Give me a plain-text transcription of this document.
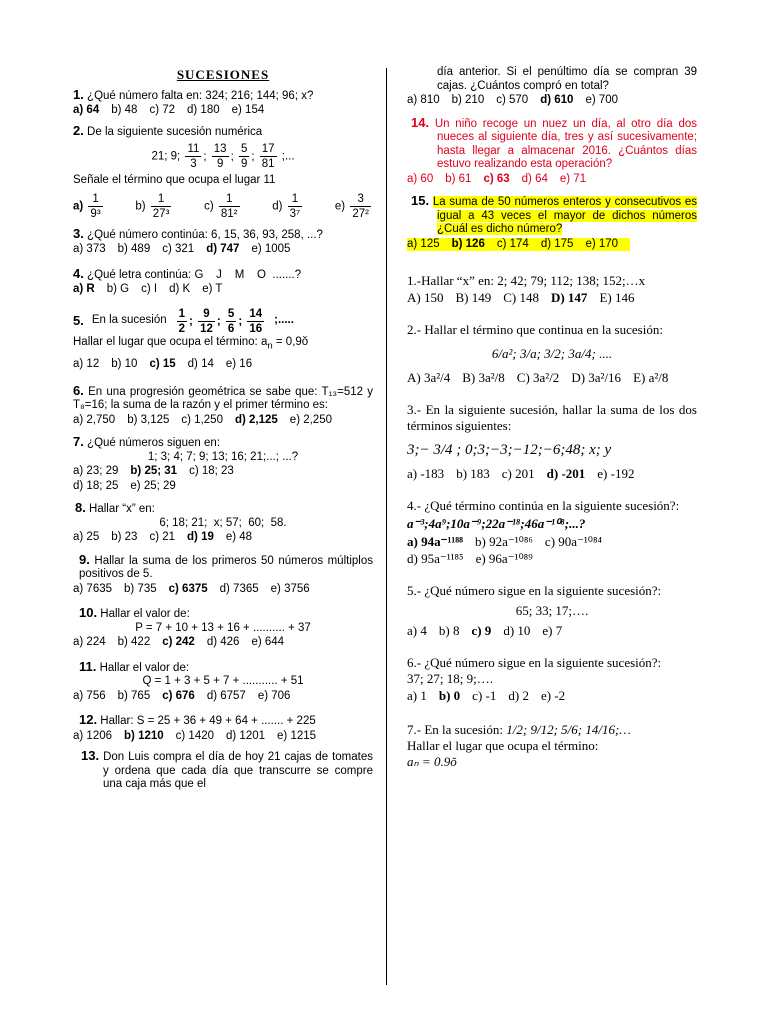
SUCESIONES
1. ¿Qué número falta en: 324; 216; 144; 96; x?
a) 64 b) 48 c) 72 d) 180 e) 154
2. De la siguiente sucesión numérica
21; 9; $\frac{11}{3}$ ; $\frac{13}{9}$ ; $\frac{5}{9}$ ; $\frac{17}{81}$ ;...
Señale el término que ocupa el lugar 11
$a) \frac{1}{\text{9³}}$	$b) \frac{1}{\text{27³}}$	$c) \frac{1}{\text{81²}}$	$d) \frac{1}{\text{3⁷}}$	$e) \frac{3}{\text{27²}}$
3. ¿Qué número continúa: 6, 15, 36, 93, 258, ...?
a) 373 b) 489 c) 321 d) 747 e) 1005
4. ¿Qué letra continúa: G    J    M    O  .......?
a) R b) G c) I d) K e) T
5. En la sucesión $\frac{1}{2}$ ; $\frac{9}{12}$ ; $\frac{5}{6}$ ; $\frac{14}{16}$ ;.....
Hallar el lugar que ocupa el término: $a_n$ = 0,9ŏ
a) 12 b) 10 c) 15 d) 14 e) 16
6. En una progresión geométrica se sabe que: T₁₃=512 y T₈=16; la suma de la razón y el primer término es:
a) 2,750 b) 3,125 c) 1,250 d) 2,125 e) 2,250
7. ¿Qué números siguen en:
1; 3; 4; 7; 9; 13; 16; 21;...; ...?
a) 23; 29 b) 25; 31 c) 18; 23
d) 18; 25 e) 25; 29
8. Hallar “x” en:
6; 18; 21;  x; 57;  60;  58.
a) 25 b) 23 c) 21 d) 19 e) 48
9. Hallar la suma de los primeros 50 números múltiplos positivos de 5.
a) 7635 b) 735 c) 6375 d) 7365 e) 3756
10. Hallar el valor de:
P = 7 + 10 + 13 + 16 + .......... + 37
a) 224 b) 422 c) 242 d) 426 e) 644
11. Hallar el valor de:
Q = 1 + 3 + 5 + 7 + ........... + 51
a) 756 b) 765 c) 676 d) 6757 e) 706
12. Hallar: S = 25 + 36 + 49 + 64 + ....... + 225
a) 1206 b) 1210 c) 1420 d) 1201 e) 1215
13. Don Luis compra el día de hoy 21 cajas de tomates y ordena que cada día que transcurre se compre una caja más que el
día anterior. Si el penúltimo día se compran 39 cajas. ¿Cuántos compró en total?
a) 810 b) 210 c) 570 d) 610 e) 700
14. Un niño recoge un nuez un día, al otro día dos nueces al siguiente día, tres y así sucesivamente; hasta llegar a almacenar 2016. ¿Cuántos días estuvo realizando esta operación?
a) 60 b) 61 c) 63 d) 64 e) 71
15. La suma de 50 números enteros y consecutivos es igual a 43 veces el mayor de dichos números ¿Cuál es dicho número?
a) 125 b) 126 c) 174 d) 175 e) 170
1.-Hallar “x” en: 2; 42; 79; 112; 138; 152;…x
A) 150 B) 149 C) 148 D) 147 E) 146
2.- Hallar el término que continua en la sucesión:
6/a²; 3/a; 3/2; 3a/4; ....
A) 3a²/4 B) 3a²/8 C) 3a²/2 D) 3a²/16 E) a²/8
3.- En la siguiente sucesión, hallar la suma de los dos términos siguientes:
3;− 3/4 ; 0;3;−3;−12;−6;48; x; y
a) -183 b) 183 c) 201 d) -201 e) -192
4.- ¿Qué término continúa en la siguiente sucesión?:
a⁻³;4a⁹;10a⁻⁹;22a⁻¹⁸;46a⁻¹⁰⁸;...?
a) 94a⁻¹¹⁸⁸ b) 92a⁻¹⁰⁸⁶ c) 90a⁻¹⁰⁸⁴
d) 95a⁻¹¹⁸⁵ e) 96a⁻¹⁰⁸⁹
5.- ¿Qué número sigue en la siguiente sucesión?:
65; 33; 17;….
a) 4 b) 8 c) 9 d) 10 e) 7
6.- ¿Qué número sigue en la siguiente sucesión?:
37; 27; 18; 9;….
a) 1 b) 0 c) -1 d) 2 e) -2
7.- En la sucesión: 1/2; 9/12; 5/6; 14/16;…
Hallar el lugar que ocupa el término:
aₙ = 0.9ŏ
